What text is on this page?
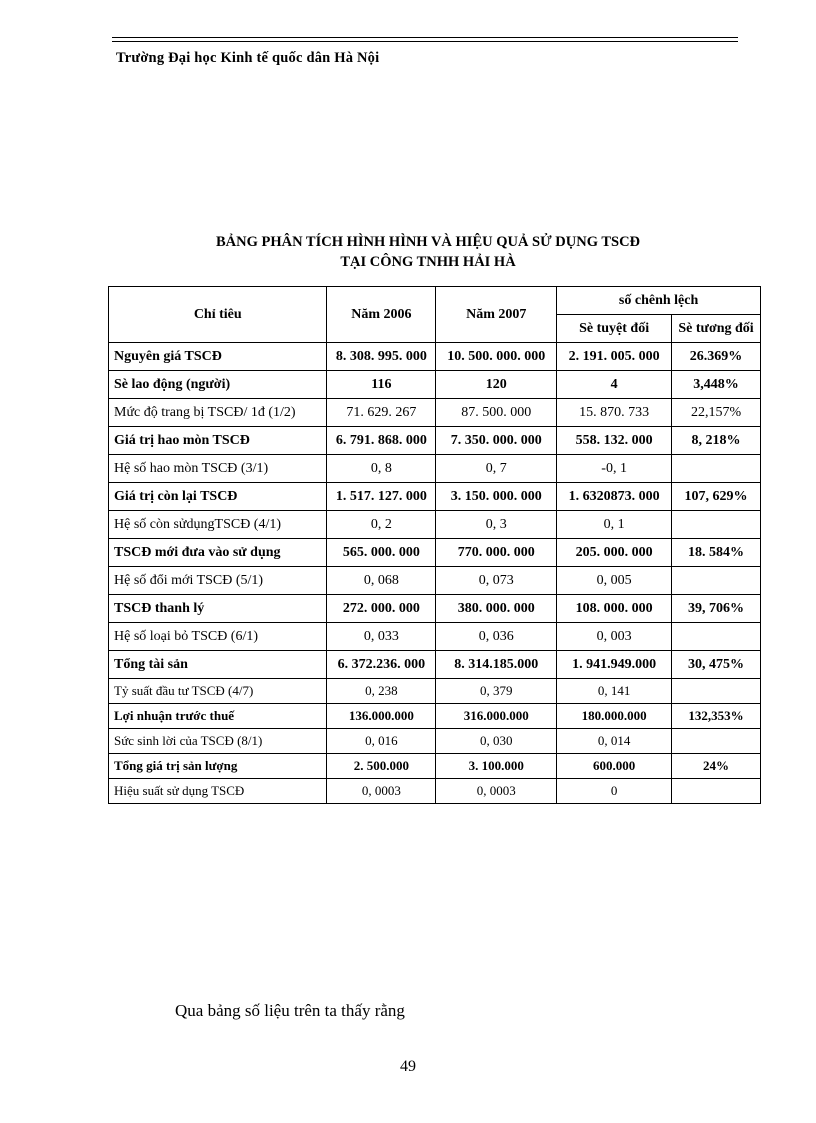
Trường Đại học Kinh tế quốc dân Hà Nội
BẢNG PHÂN TÍCH HÌNH HÌNH VÀ HIỆU QUẢ SỬ DỤNG TSCĐ
TẠI CÔNG TNHH HẢI HÀ
Chỉ tiêu	Năm 2006	Năm 2007	số chênh lệch	
			Sè tuyệt đối	Sè tương đối
Nguyên giá TSCĐ	8. 308. 995. 000	10. 500. 000. 000	2. 191. 005. 000	26.369%
Sè lao động (người)	116	120	4	3,448%
Mức độ trang bị TSCĐ/ 1đ (1/2)	71. 629. 267	87. 500. 000	15. 870. 733	22,157%
Giá trị hao mòn TSCĐ	6. 791. 868. 000	7. 350. 000. 000	558. 132. 000	8, 218%
Hệ số hao mòn TSCĐ (3/1)	0, 8	0, 7	-0, 1	
Giá trị còn lại TSCĐ	1. 517. 127. 000	3. 150. 000. 000	1. 6320873. 000	107, 629%
Hệ số còn sửdụngTSCĐ (4/1)	0, 2	0, 3	0, 1	
TSCĐ mới đưa vào sử dụng	565. 000. 000	770. 000. 000	205. 000. 000	18. 584%
Hệ số đổi mới TSCĐ (5/1)	0, 068	0, 073	0, 005	
TSCĐ thanh lý	272. 000. 000	380. 000. 000	108. 000. 000	39, 706%
Hệ số loại bỏ TSCĐ (6/1)	0, 033	0, 036	0, 003	
Tổng tài sản	6. 372.236. 000	8. 314.185.000	1. 941.949.000	30, 475%
Tỷ suất đầu tư TSCĐ (4/7)	0, 238	0, 379	0, 141	
Lợi nhuận trước thuế	136.000.000	316.000.000	180.000.000	132,353%
Sức sinh lời của TSCĐ (8/1)	0, 016	0, 030	0, 014	
Tổng giá trị sản lượng	2. 500.000	3. 100.000	600.000	24%
Hiệu suất sử dụng TSCĐ	0, 0003	0, 0003	0	
Qua bảng số liệu trên ta thấy rằng
49
